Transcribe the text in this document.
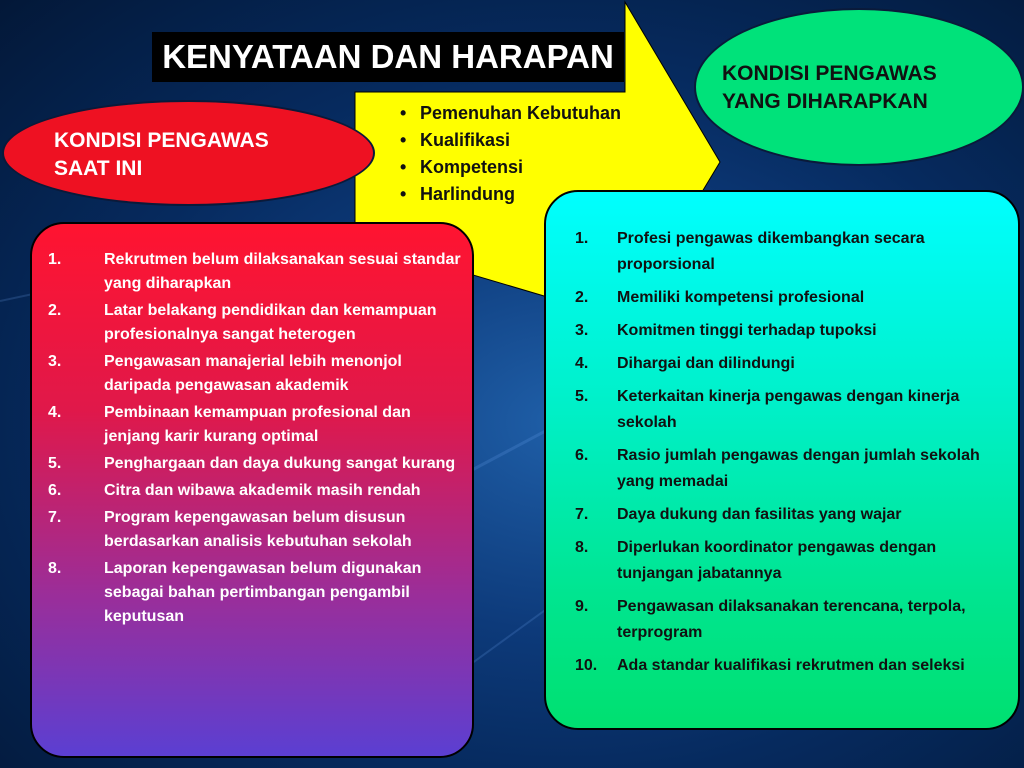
KENYATAAN DAN HARAPAN
• Pemenuhan Kebutuhan
• Kualifikasi
• Kompetensi
• Harlindung
KONDISI PENGAWAS
SAAT INI
KONDISI PENGAWAS
YANG DIHARAPKAN
1.	Rekrutmen belum dilaksanakan sesuai standar yang diharapkan
2.	Latar belakang pendidikan dan kemampuan profesionalnya sangat heterogen
3.	Pengawasan manajerial lebih menonjol daripada pengawasan akademik
4.	Pembinaan kemampuan profesional dan jenjang karir kurang optimal
5.	Penghargaan dan daya dukung sangat kurang
6.	Citra dan wibawa akademik masih rendah
7.	Program kepengawasan belum disusun berdasarkan analisis kebutuhan sekolah
8.	Laporan kepengawasan belum digunakan sebagai bahan pertimbangan pengambil keputusan
1. Profesi pengawas dikembangkan secara proporsional
2. Memiliki kompetensi profesional
3. Komitmen tinggi terhadap tupoksi
4. Dihargai dan dilindungi
5. Keterkaitan kinerja pengawas dengan kinerja sekolah
6. Rasio jumlah pengawas dengan jumlah sekolah yang memadai
7. Daya dukung dan fasilitas yang wajar
8. Diperlukan koordinator pengawas dengan tunjangan jabatannya
9. Pengawasan dilaksanakan terencana, terpola, terprogram
10. Ada standar kualifikasi rekrutmen dan seleksi
